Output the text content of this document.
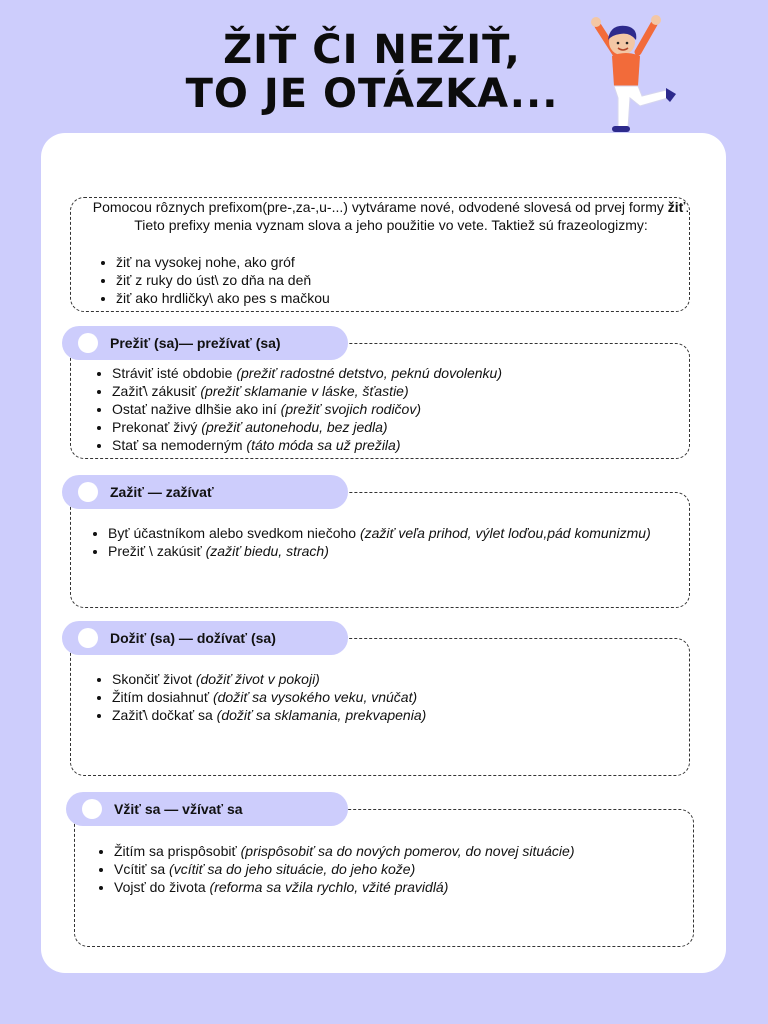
ŽIŤ ČI NEŽIŤ,
TO JE OTÁZKA...

Pomocou rôznych prefixom(pre-,za-,u-...) vytvárame nové, odvodené slovesá od prvej formy žiť. Tieto prefixy menia vyznam slova a jeho použitie vo vete. Taktiež sú frazeologizmy:

• žiť na vysokej nohe, ako gróf
• žiť z ruky do úst\ zo dňa na deň
• žiť ako hrdličky\ ako pes s mačkou
Prežiť (sa)— prežívať (sa)
• Stráviť isté obdobie (prežiť radostné detstvo, peknú dovolenku)
• Zažiť\ zákusiť (prežiť sklamanie v láske, šťastie)
• Ostať nažive dlhšie ako iní (prežiť svojich rodičov)
• Prekonať živý (prežiť autonehodu, bez jedla)
• Stať sa nemoderným (táto móda sa už prežila)
Zažiť — zažívať
• Byť účastníkom alebo svedkom niečoho (zažiť veľa prihod, výlet loďou,pád komunizmu)
• Prežiť \ zakúsiť (zažiť biedu, strach)
Dožiť (sa) — dožívať (sa)
• Skončiť život (dožiť život v pokoji)
• Žitím dosiahnuť (dožiť sa vysokého veku, vnúčat)
• Zažiť\ dočkať sa (dožiť sa sklamania, prekvapenia)
Vžiť sa — vžívať sa
• Žitím sa prispôsobiť (prispôsobiť sa do nových pomerov, do novej situácie)
• Vcítiť sa (vcítiť sa do jeho situácie, do jeho kože)
• Vojsť do života (reforma sa vžila rychlo, vžité pravidlá)
